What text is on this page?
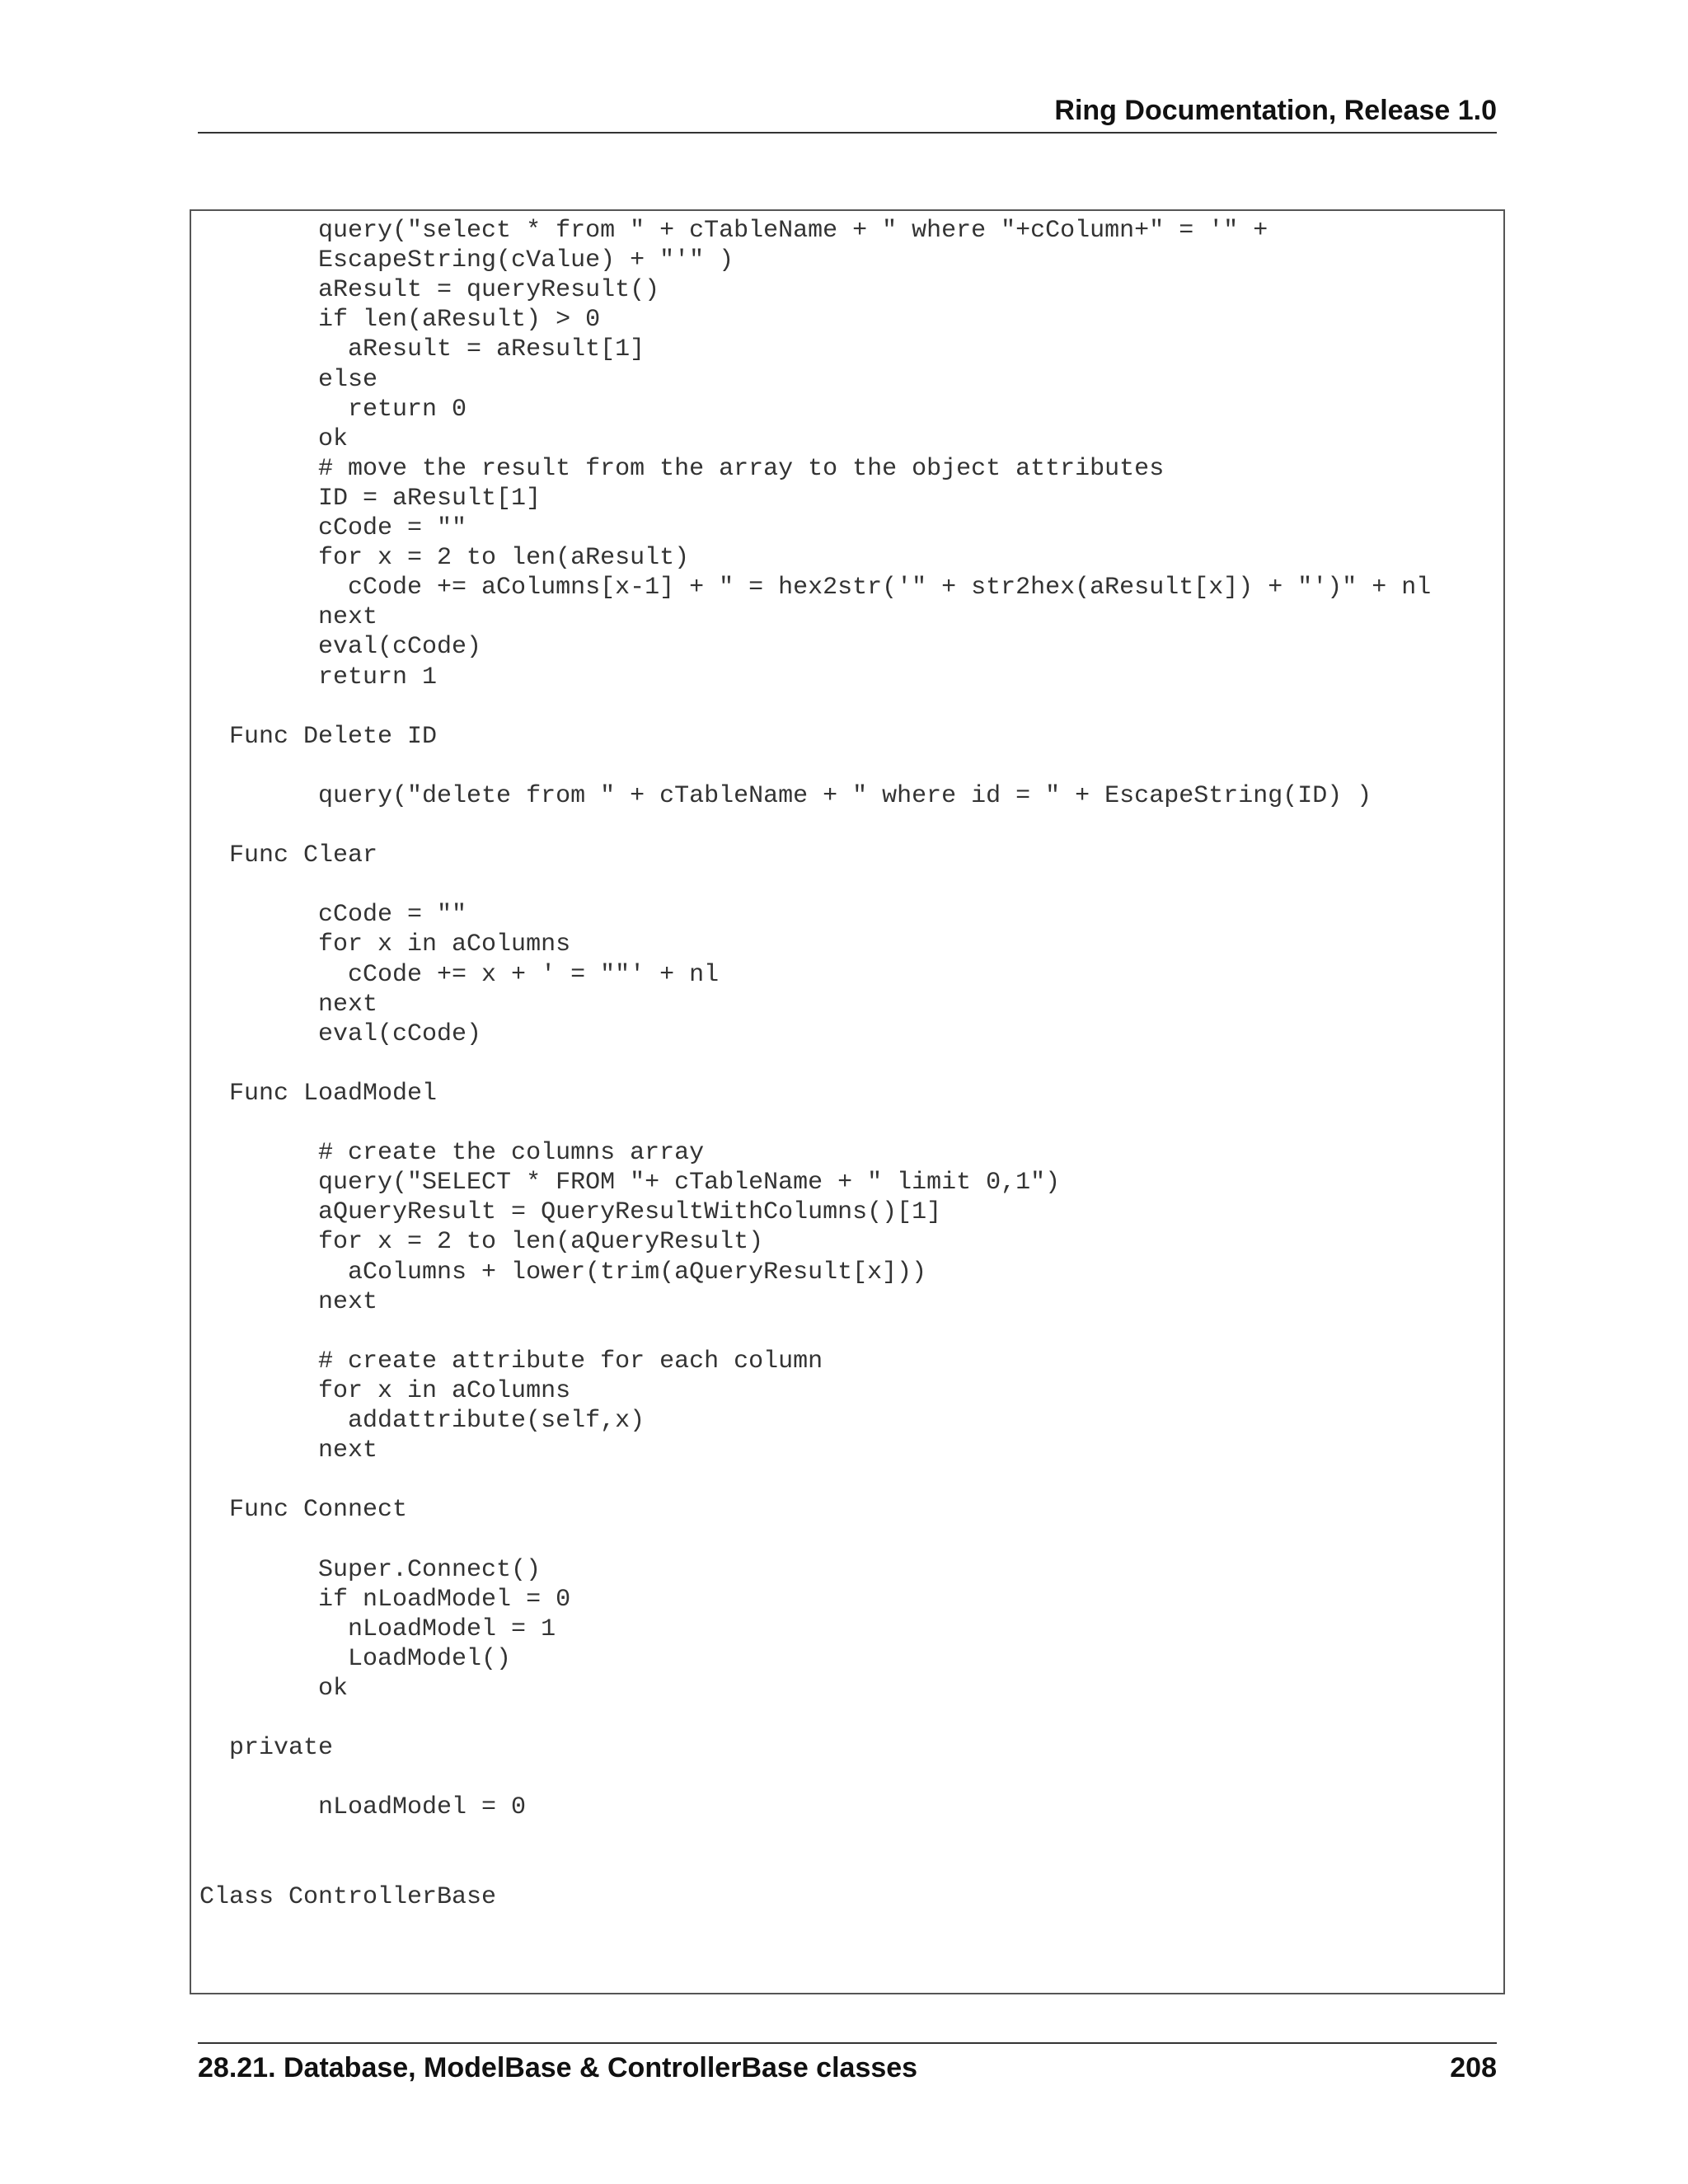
Ring Documentation, Release 1.0
query("select * from " + cTableName + " where "+cColumn+" = '" +
EscapeString(cValue) + "'" )
aResult = queryResult()
if len(aResult) > 0
aResult = aResult[1]
else
return 0
ok
# move the result from the array to the object attributes
ID = aResult[1]
cCode = ""
for x = 2 to len(aResult)
cCode += aColumns[x-1] + " = hex2str('" + str2hex(aResult[x]) + "')" + nl
next
eval(cCode)
return 1
Func Delete ID
query("delete from " + cTableName + " where id = " + EscapeString(ID) )
Func Clear
cCode = ""
for x in aColumns
cCode += x + ' = ""' + nl
next
eval(cCode)
Func LoadModel
# create the columns array
query("SELECT * FROM "+ cTableName + " limit 0,1")
aQueryResult = QueryResultWithColumns()[1]
for x = 2 to len(aQueryResult)
aColumns + lower(trim(aQueryResult[x]))
next
# create attribute for each column
for x in aColumns
addattribute(self,x)
next
Func Connect
Super.Connect()
if nLoadModel = 0
nLoadModel = 1
LoadModel()
ok
private
nLoadModel = 0
Class ControllerBase
28.21. Database, ModelBase & ControllerBase classes	208
